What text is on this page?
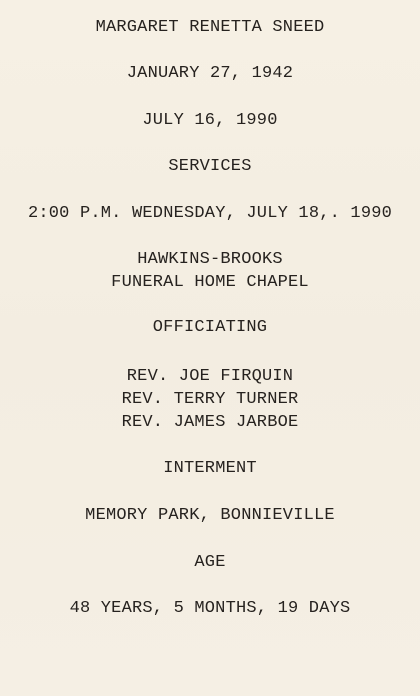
MARGARET RENETTA SNEED
JANUARY 27, 1942
JULY 16, 1990
SERVICES
2:00 P.M. WEDNESDAY, JULY 18,. 1990
HAWKINS-BROOKS
FUNERAL HOME CHAPEL
OFFICIATING
REV. JOE FIRQUIN
REV. TERRY TURNER
REV. JAMES JARBOE
INTERMENT
MEMORY PARK, BONNIEVILLE
AGE
48 YEARS, 5 MONTHS, 19 DAYS
